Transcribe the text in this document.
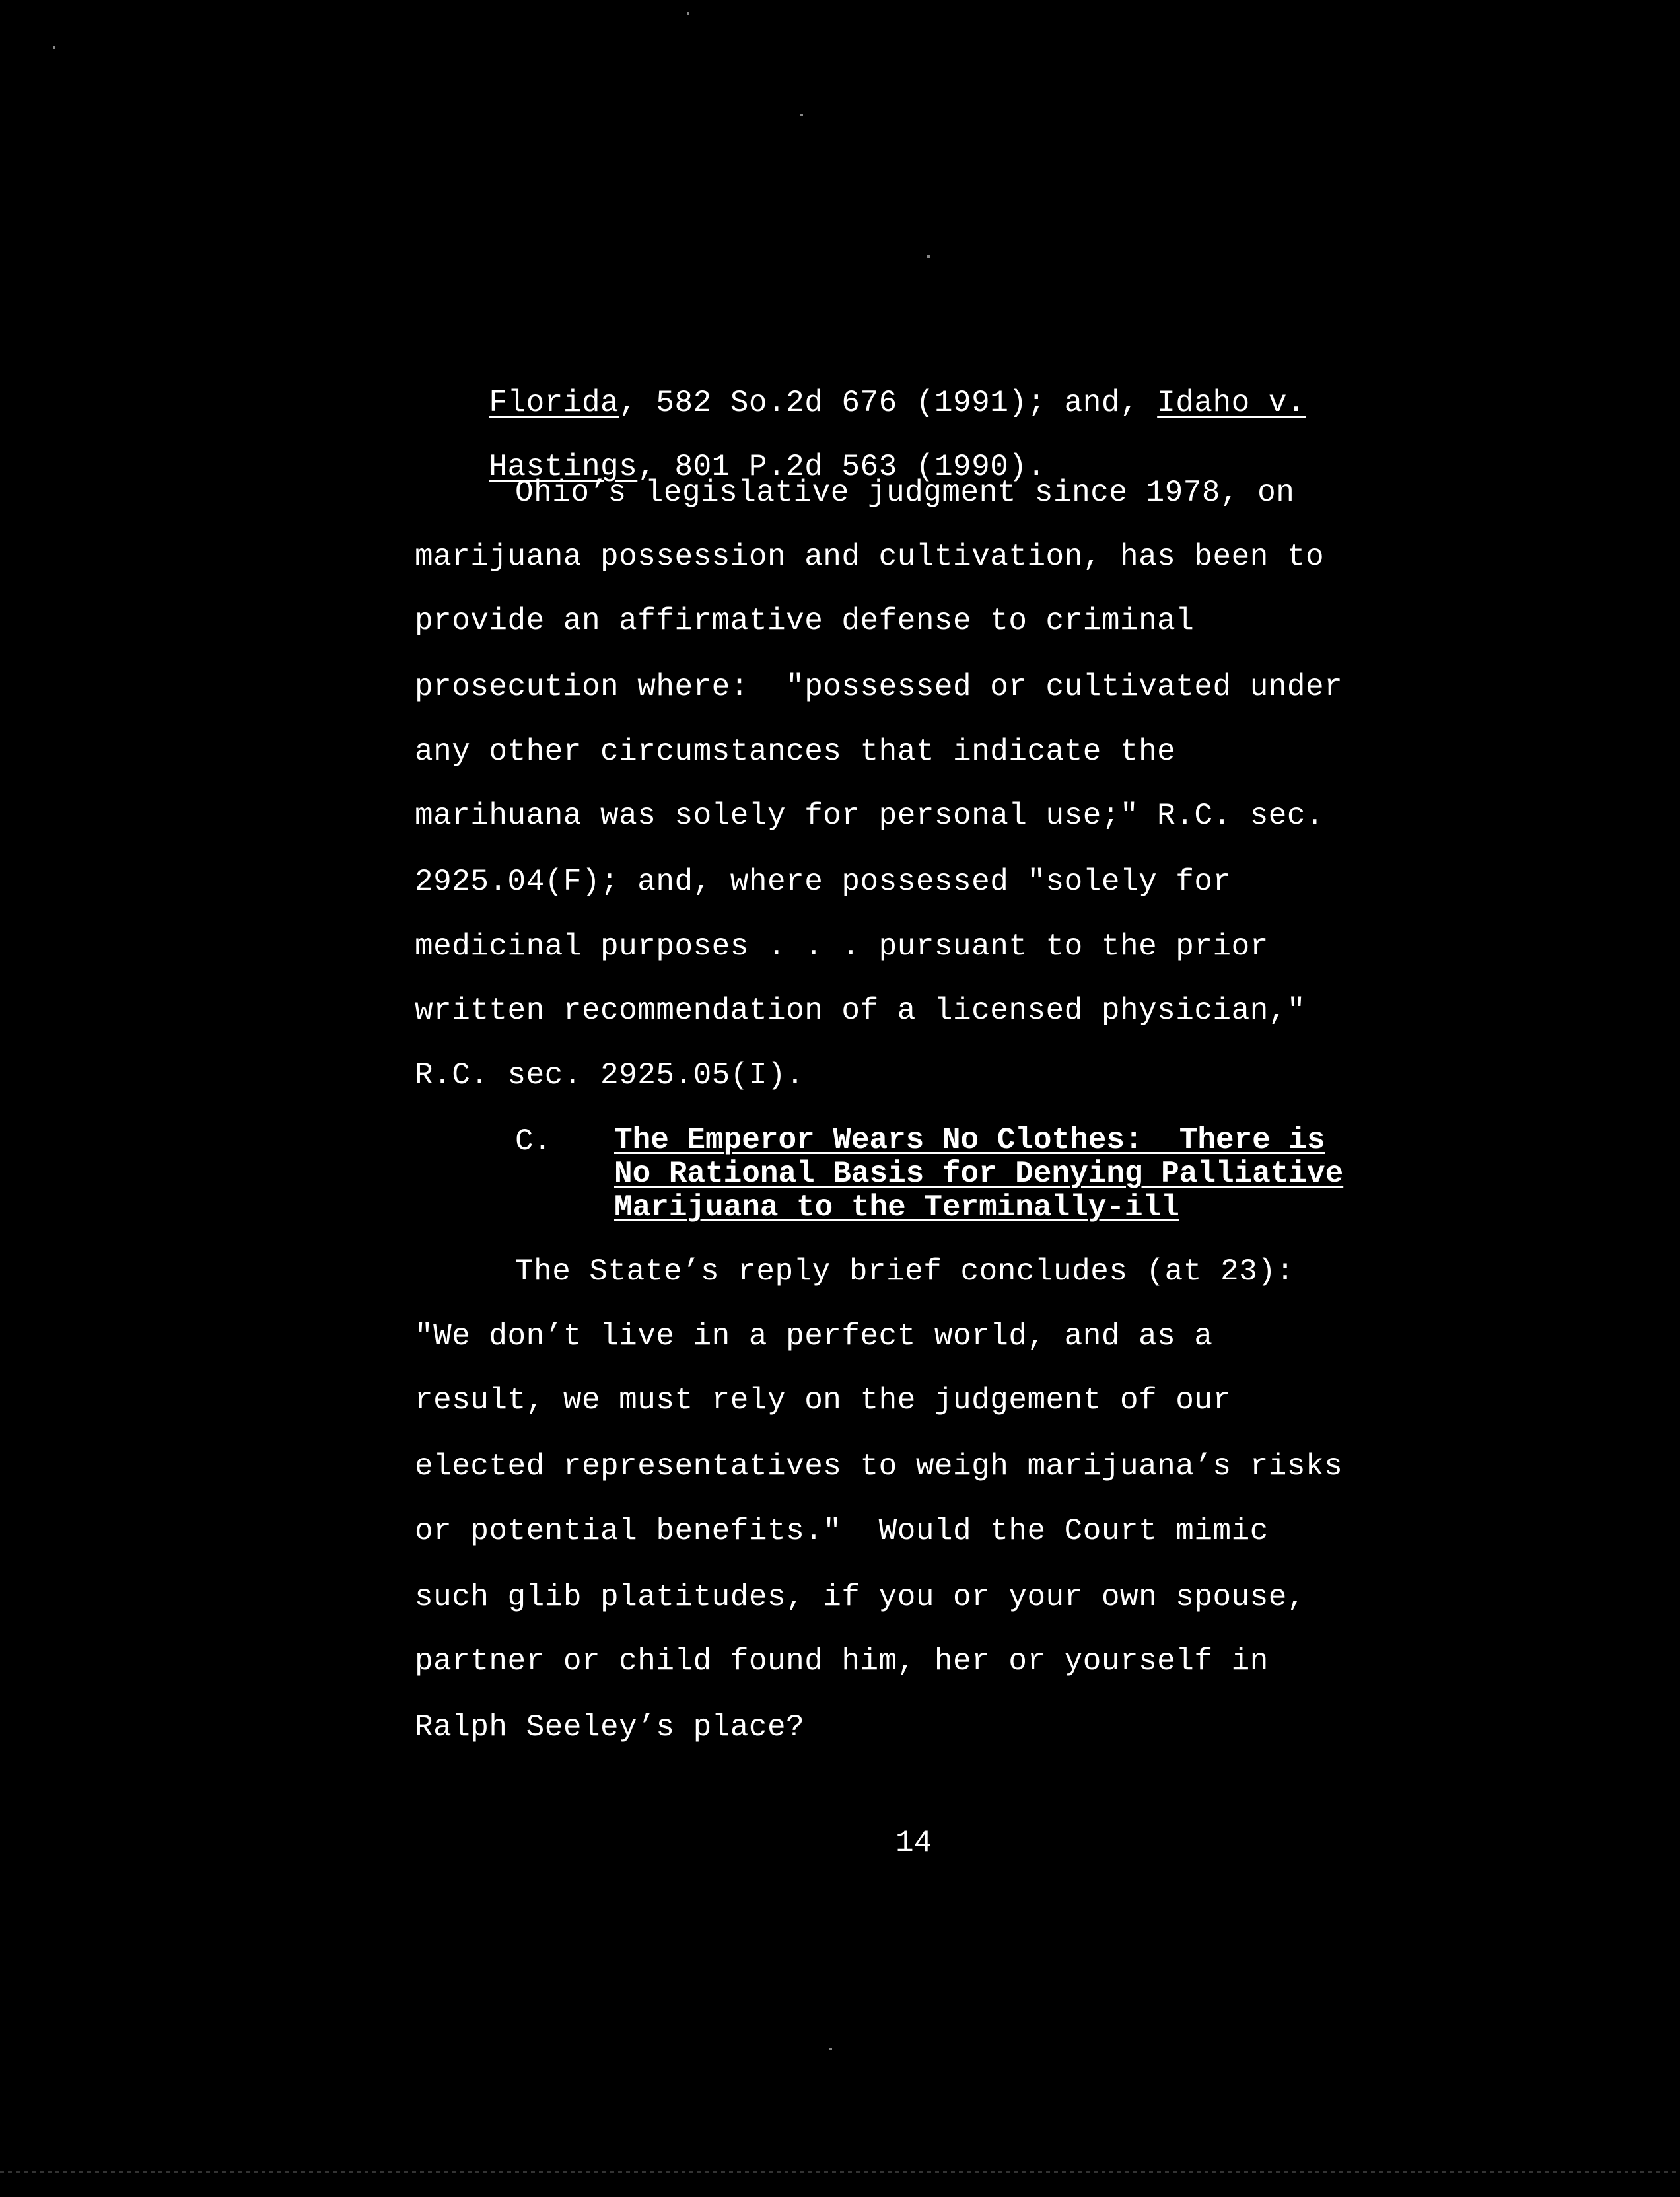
Florida, 582 So.2d 676 (1991); and, Idaho v.

Hastings, 801 P.2d 563 (1990).

Ohio’s legislative judgment since 1978, on
marijuana possession and cultivation, has been to
provide an affirmative defense to criminal
prosecution where:  "possessed or cultivated under
any other circumstances that indicate the
marihuana was solely for personal use;" R.C. sec.
2925.04(F); and, where possessed "solely for
medicinal purposes . . . pursuant to the prior
written recommendation of a licensed physician,"
R.C. sec. 2925.05(I).
C. The Emperor Wears No Clothes:  There is
No Rational Basis for Denying Palliative
Marijuana to the Terminally-ill
The State’s reply brief concludes (at 23):
"We don’t live in a perfect world, and as a
result, we must rely on the judgement of our
elected representatives to weigh marijuana’s risks
or potential benefits."  Would the Court mimic
such glib platitudes, if you or your own spouse,
partner or child found him, her or yourself in
Ralph Seeley’s place?
14
